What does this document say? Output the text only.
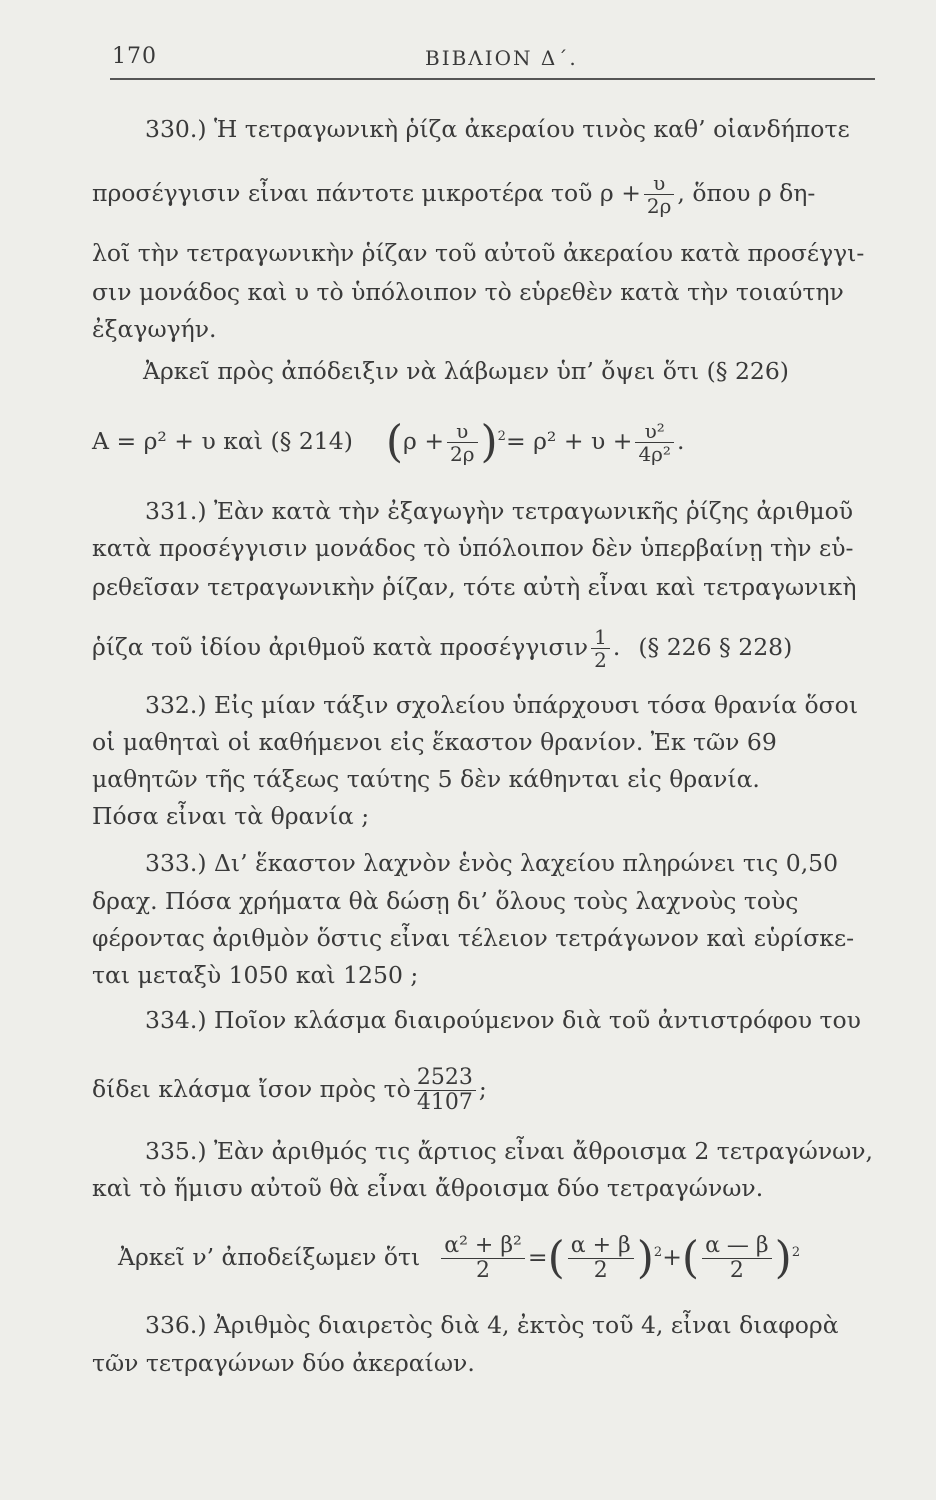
170	ΒΙΒΛΙΟΝ Δ΄.
330.) Ἡ τετραγωνικὴ ῥίζα ἀκεραίου τινὸς καθ’ οἱανδήποτε
προσέγγισιν εἶναι πάντοτε μικροτέρα τοῦ $\rho + \frac{\upsilon}{2\rho}$ , ὅπου ρ δη-
λοῖ τὴν τετραγωνικὴν ῥίζαν τοῦ αὐτοῦ ἀκεραίου κατὰ προσέγγι-
σιν μονάδος καὶ υ τὸ ὑπόλοιπον τὸ εὑρεθὲν κατὰ τὴν τοιαύτην
ἐξαγωγήν.
Ἀρκεῖ πρὸς ἀπόδειξιν νὰ λάβωμεν ὑπ’ ὄψει ὅτι (§ 226)
Α = ρ² + υ καὶ (§ 214) $(\rho + \frac{\upsilon}{2\rho} )^2= \rho^2 + \upsilon + \frac{\text{υ²}}{\text{4ρ²}}$ .
331.) Ἐὰν κατὰ τὴν ἐξαγωγὴν τετραγωνικῆς ῥίζης ἀριθμοῦ
κατὰ προσέγγισιν μονάδος τὸ ὑπόλοιπον δὲν ὑπερβαίνῃ τὴν εὑ-
ρεθεῖσαν τετραγωνικὴν ῥίζαν, τότε αὐτὴ εἶναι καὶ τετραγωνικὴ
ῥίζα τοῦ ἰδίου ἀριθμοῦ κατὰ προσέγγισιν $\frac{1}{2}$ . (§ 226 § 228)
332.) Εἰς μίαν τάξιν σχολείου ὑπάρχουσι τόσα θρανία ὅσοι
οἱ μαθηταὶ οἱ καθήμενοι εἰς ἕκαστον θρανίον. Ἐκ τῶν 69
μαθητῶν τῆς τάξεως ταύτης 5 δὲν κάθηνται εἰς θρανία.
Πόσα εἶναι τὰ θρανία ;
333.) Δι’ ἕκαστον λαχνὸν ἑνὸς λαχείου πληρώνει τις 0,50
δραχ. Πόσα χρήματα θὰ δώσῃ δι’ ὅλους τοὺς λαχνοὺς τοὺς
φέροντας ἀριθμὸν ὅστις εἶναι τέλειον τετράγωνον καὶ εὑρίσκε-
ται μεταξὺ 1050 καὶ 1250 ;
334.) Ποῖον κλάσμα διαιρούμενον διὰ τοῦ ἀντιστρόφου του
δίδει κλάσμα ἴσον πρὸς τὸ $\frac{2523}{4107}$ ;
335.) Ἐὰν ἀριθμός τις ἄρτιος εἶναι ἄθροισμα 2 τετραγώνων,
καὶ τὸ ἥμισυ αὐτοῦ θὰ εἶναι ἄθροισμα δύο τετραγώνων.
Ἀρκεῖ ν’ ἀποδείξωμεν ὅτι $\frac{\text{α² + β²}}{2}$ =( $\frac{\alpha + \beta}{2} )^2+( \frac{\alpha — \beta}{2} )^2$
336.) Ἀριθμὸς διαιρετὸς διὰ 4, ἐκτὸς τοῦ 4, εἶναι διαφορὰ
τῶν τετραγώνων δύο ἀκεραίων.
